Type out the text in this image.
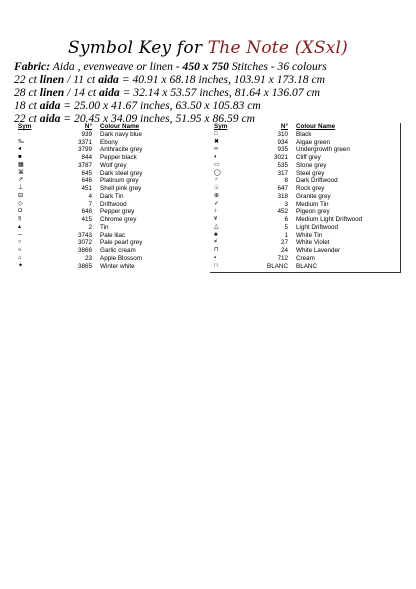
Symbol Key for The Note (XSxl)
Fabric: Aida , evenweave or linen - 450 x 750 Stitches - 36 colours
22 ct linen / 11 ct aida = 40.91 x 68.18 inches, 103.91 x 173.18 cm
28 ct linen / 14 ct aida = 32.14 x 53.57 inches, 81.64 x 136.07 cm
18 ct aida = 25.00 x 41.67 inches, 63.50 x 105.83 cm
22 ct aida = 20.45 x 34.09 inches, 51.95 x 86.59 cm
Sym	N°	Colour Name
·	939	Dark navy blue
‰	3371	Ebony
◂	3799	Anthracite grey
■	844	Pepper black
▦	3787	Wolf grey
⌘	645	Dark steel grey
↗	646	Platinum grey
⊥	451	Shell pink grey
⊟	4	Dark Tin
◇	7	Driftwood
Ω	648	Pepper grey
§	415	Chrome grey
▴	2	Tin
─	3743	Pale lilac
○	3072	Pale pearl grey
«	3866	Garlic cream
⌂	23	Apple Blossom
✦	3865	Winter white
Sym	N°	Colour Name
□	310	Black
✖	934	Algae green
∞	935	Undergrowth green
◐	3021	Cliff grey
▭	535	Stone grey
◯	317	Steel grey
♂	8	Dark Driftwood
♧	647	Rock grey
⊕	318	Granite grey
✓	3	Medium Tin
♪	452	Pigeon grey
¥	6	Medium Light Driftwood
△	5	Light Driftwood
♣	1	White Tin
≠	27	White Violet
⊓	24	White Lavender
▪	712	Cream
∷	BLANC	BLANC
